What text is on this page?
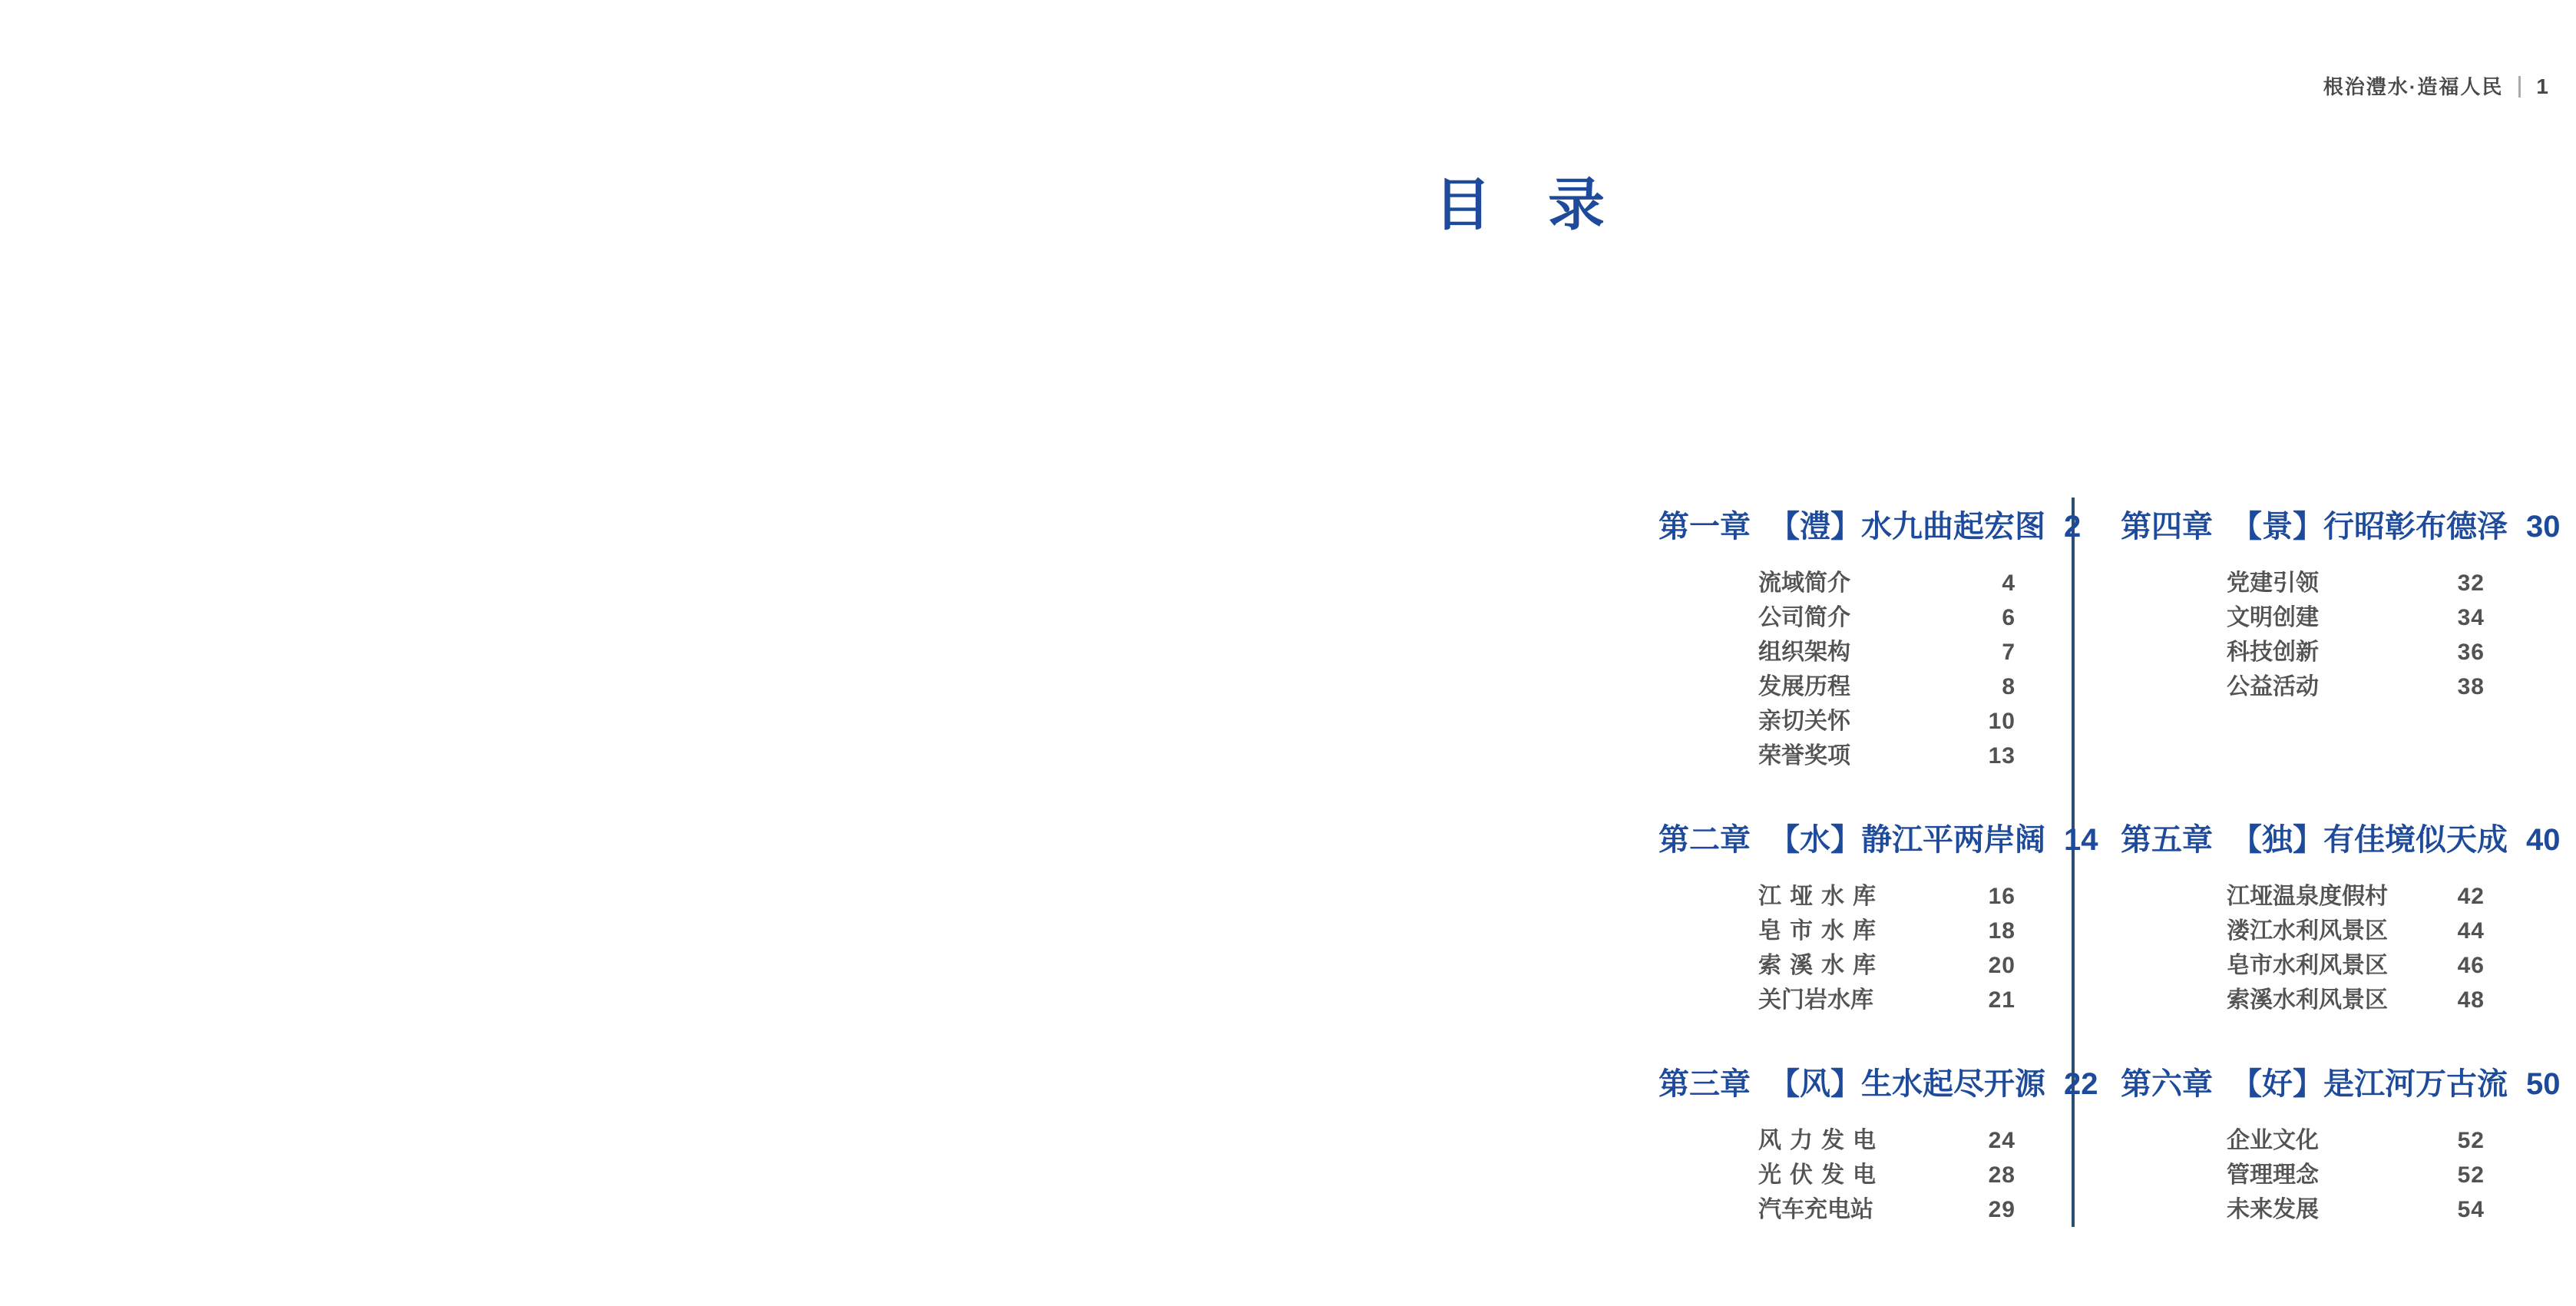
根治澧水·造福人民 1
目　录
第一章 【澧】水九曲起宏图 2
流域简介	4
公司简介	6
组织架构	7
发展历程	8
亲切关怀	10
荣誉奖项	13
第二章 【水】静江平两岸阔 14
江垭水库	16
皂市水库	18
索溪水库	20
关门岩水库	21
第三章 【风】生水起尽开源 22
风力发电	24
光伏发电	28
汽车充电站	29
第四章 【景】行昭彰布德泽 30
党建引领	32
文明创建	34
科技创新	36
公益活动	38
第五章 【独】有佳境似天成 40
江垭温泉度假村	42
溇江水利风景区	44
皂市水利风景区	46
索溪水利风景区	48
第六章 【好】是江河万古流 50
企业文化	52
管理理念	52
未来发展	54
